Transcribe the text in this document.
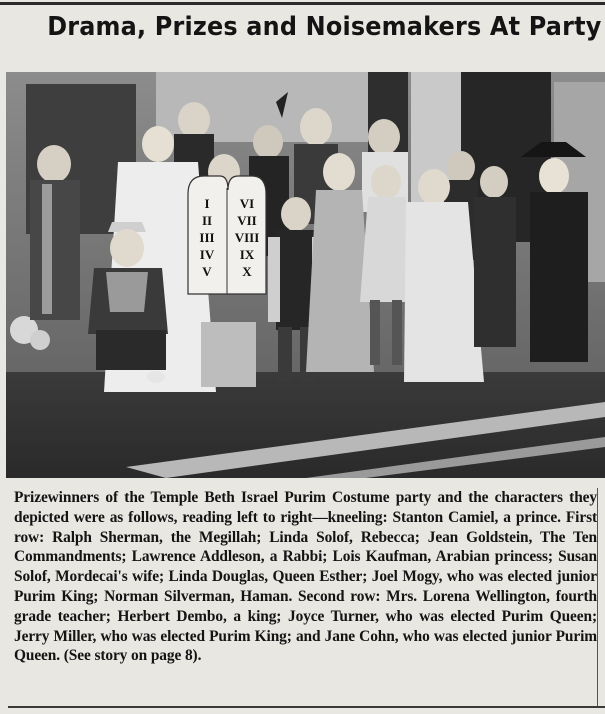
Drama, Prizes and Noisemakers At Party
I
II
III
IV
V
VI
VII
VIII
IX
X
Prizewinners of the Temple Beth Israel Purim Costume party and the characters they depicted were as follows, reading left to right—kneeling: Stanton Camiel, a prince. First row: Ralph Sherman, the Megillah; Linda Solof, Rebecca; Jean Goldstein, The Ten Commandments; Lawrence Addleson, a Rabbi; Lois Kaufman, Arabian princess; Susan Solof, Mordecai's wife; Linda Douglas, Queen Esther; Joel Mogy, who was elected junior Purim King; Norman Silverman, Haman. Second row: Mrs. Lorena Wellington, fourth grade teacher; Herbert Dembo, a king; Joyce Turner, who was elected Purim Queen; Jerry Miller, who was elected Purim King; and Jane Cohn, who was elected junior Purim Queen. (See story on page 8).
